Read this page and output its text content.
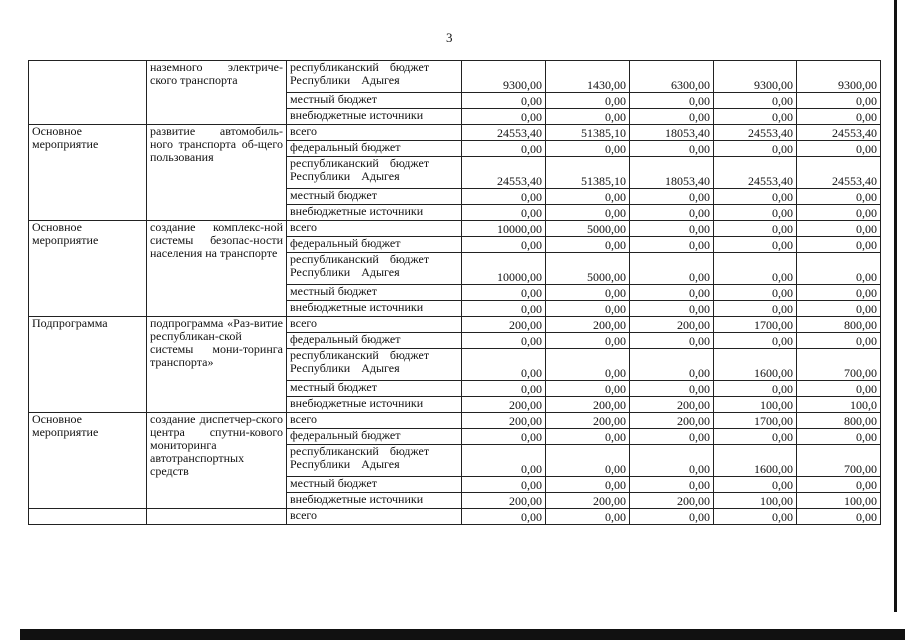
3
	наземного электриче-ского транспорта	республиканский бюджет Республики Адыгея	9300,00	1430,00	6300,00	9300,00	9300,00
		местный бюджет	0,00	0,00	0,00	0,00	0,00
		внебюджетные источники	0,00	0,00	0,00	0,00	0,00
Основное мероприятие	развитие автомобиль-ного транспорта об-щего пользования	всего	24553,40	51385,10	18053,40	24553,40	24553,40
		федеральный бюджет	0,00	0,00	0,00	0,00	0,00
		республиканский бюджет Республики Адыгея	24553,40	51385,10	18053,40	24553,40	24553,40
		местный бюджет	0,00	0,00	0,00	0,00	0,00
		внебюджетные источники	0,00	0,00	0,00	0,00	0,00
Основное мероприятие	создание комплекс-ной системы безопас-ности населения на транспорте	всего	10000,00	5000,00	0,00	0,00	0,00
		федеральный бюджет	0,00	0,00	0,00	0,00	0,00
		республиканский бюджет Республики Адыгея	10000,00	5000,00	0,00	0,00	0,00
		местный бюджет	0,00	0,00	0,00	0,00	0,00
		внебюджетные источники	0,00	0,00	0,00	0,00	0,00
Подпрограмма	подпрограмма «Раз-витие республикан-ской системы мони-торинга транспорта»	всего	200,00	200,00	200,00	1700,00	800,00
		федеральный бюджет	0,00	0,00	0,00	0,00	0,00
		республиканский бюджет Республики Адыгея	0,00	0,00	0,00	1600,00	700,00
		местный бюджет	0,00	0,00	0,00	0,00	0,00
		внебюджетные источники	200,00	200,00	200,00	100,00	100,0
Основное мероприятие	создание диспетчер-ского центра спутни-кового мониторинга автотранспортных средств	всего	200,00	200,00	200,00	1700,00	800,00
		федеральный бюджет	0,00	0,00	0,00	0,00	0,00
		республиканский бюджет Республики Адыгея	0,00	0,00	0,00	1600,00	700,00
		местный бюджет	0,00	0,00	0,00	0,00	0,00
		внебюджетные источники	200,00	200,00	200,00	100,00	100,00
		всего	0,00	0,00	0,00	0,00	0,00
